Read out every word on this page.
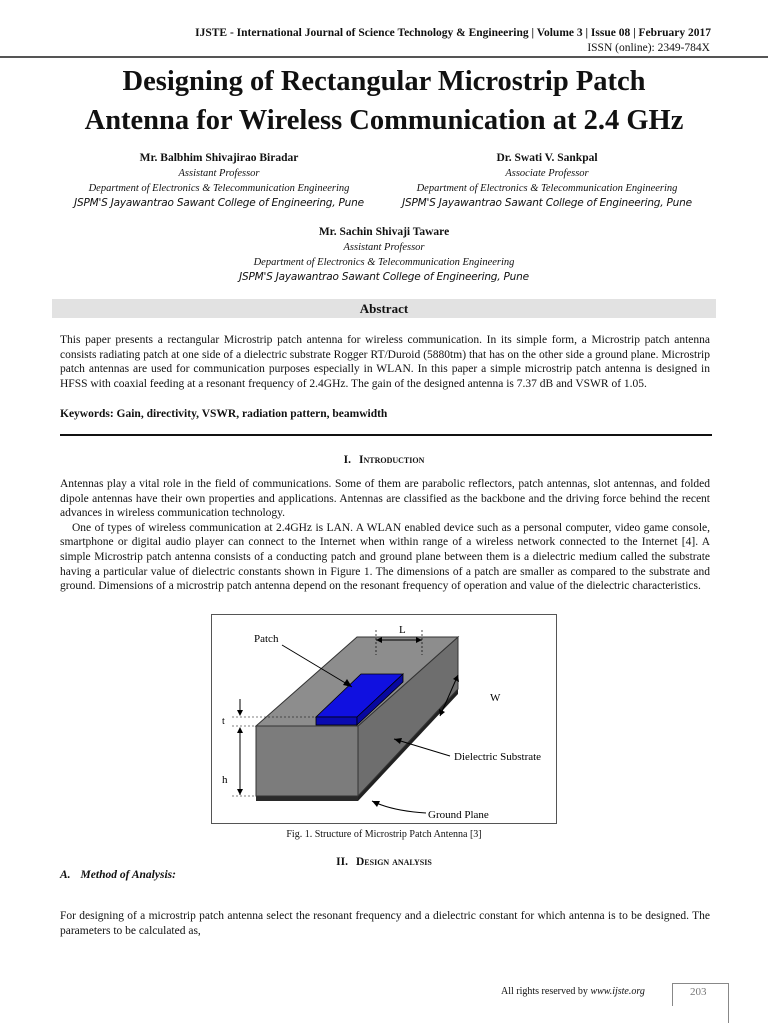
IJSTE - International Journal of Science Technology & Engineering | Volume 3 | Issue 08 | February 2017
ISSN (online): 2349-784X
Designing of Rectangular Microstrip Patch
Antenna for Wireless Communication at 2.4 GHz
Mr. Balbhim Shivajirao Biradar
Assistant Professor
Department of Electronics & Telecommunication Engineering
JSPM'S Jayawantrao Sawant College of Engineering, Pune
Dr. Swati V. Sankpal
Associate Professor
Department of Electronics & Telecommunication Engineering
JSPM'S Jayawantrao Sawant College of Engineering, Pune
Mr. Sachin Shivaji Taware
Assistant Professor
Department of Electronics & Telecommunication Engineering
JSPM'S Jayawantrao Sawant College of Engineering, Pune
Abstract
This paper presents a rectangular Microstrip patch antenna for wireless communication. In its simple form, a Microstrip patch antenna consists radiating patch at one side of a dielectric substrate Rogger RT/Duroid (5880tm) that has on the other side a ground plane. Microstrip patch antennas are used for communication purposes especially in WLAN. In this paper a simple microstrip patch antenna is designed in HFSS with coaxial feeding at a resonant frequency of 2.4GHz. The gain of the designed antenna is 7.37 dB and VSWR of 1.05.
Keywords: Gain, directivity, VSWR, radiation pattern, beamwidth
I. Introduction

Antennas play a vital role in the field of communications. Some of them are parabolic reflectors, patch antennas, slot antennas, and folded dipole antennas have their own properties and applications. Antennas are classified as the backbone and the driving force behind the recent advances in wireless communication technology.

One of types of wireless communication at 2.4GHz is LAN. A WLAN enabled device such as a personal computer, video game console, smartphone or digital audio player can connect to the Internet when within range of a wireless network connected to the Internet [4]. A simple Microstrip patch antenna consists of a conducting patch and ground plane between them is a dielectric medium called the substrate having a particular value of dielectric constants shown in Figure 1. The dimensions of a patch are smaller as compared to the substrate and ground. Dimensions of a microstrip patch antenna depend on the resonant frequency of operation and value of the dielectric characteristics.

Patch
L
W
t
h
Dielectric Substrate
Ground Plane
Fig. 1. Structure of Microstrip Patch Antenna [3]
II. Design analysis
A. Method of Analysis:
For designing of a microstrip patch antenna select the resonant frequency and a dielectric constant for which antenna is to be designed. The parameters to be calculated as,
All rights reserved by www.ijste.org	203
